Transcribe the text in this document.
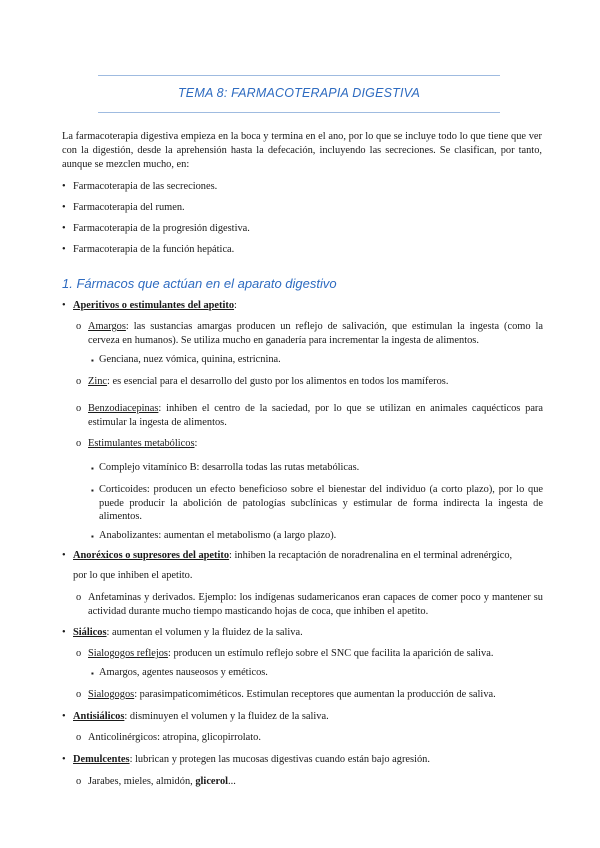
TEMA 8: FARMACOTERAPIA DIGESTIVA
La farmacoterapia digestiva empieza en la boca y termina en el ano, por lo que se incluye todo lo que tiene que ver con la digestión, desde la aprehensión hasta la defecación, incluyendo las secreciones. Se clasifican, por tanto, aunque se mezclen mucho, en:
• Farmacoterapia de las secreciones.
• Farmacoterapia del rumen.
• Farmacoterapia de la progresión digestiva.
• Farmacoterapia de la función hepática.
1. Fármacos que actúan en el aparato digestivo
• Aperitivos o estimulantes del apetito:
o Amargos: las sustancias amargas producen un reflejo de salivación, que estimulan la ingesta (como la cerveza en humanos). Se utiliza mucho en ganadería para incrementar la ingesta de alimentos.
▪ Genciana, nuez vómica, quinina, estricnina.
o Zinc: es esencial para el desarrollo del gusto por los alimentos en todos los mamíferos.
o Benzodiacepinas: inhiben el centro de la saciedad, por lo que se utilizan en animales caquécticos para estimular la ingesta de alimentos.
o Estimulantes metabólicos:
▪ Complejo vitamínico B: desarrolla todas las rutas metabólicas.
▪ Corticoides: producen un efecto beneficioso sobre el bienestar del individuo (a corto plazo), por lo que puede producir la abolición de patologías subclínicas y estimular de forma indirecta la ingesta de alimentos.
▪ Anabolizantes: aumentan el metabolismo (a largo plazo).
• Anoréxicos o supresores del apetito: inhiben la recaptación de noradrenalina en el terminal adrenérgico,
por lo que inhiben el apetito.
o Anfetaminas y derivados. Ejemplo: los indígenas sudamericanos eran capaces de comer poco y mantener su actividad durante mucho tiempo masticando hojas de coca, que inhiben el apetito.
• Siálicos: aumentan el volumen y la fluidez de la saliva.
o Sialogogos reflejos: producen un estímulo reflejo sobre el SNC que facilita la aparición de saliva.
▪ Amargos, agentes nauseosos y eméticos.
o Sialogogos: parasimpaticomiméticos. Estimulan receptores que aumentan la producción de saliva.
• Antisiálicos: disminuyen el volumen y la fluidez de la saliva.
o Anticolinérgicos: atropina, glicopirrolato.
• Demulcentes: lubrican y protegen las mucosas digestivas cuando están bajo agresión.
o Jarabes, mieles, almidón, glicerol...
